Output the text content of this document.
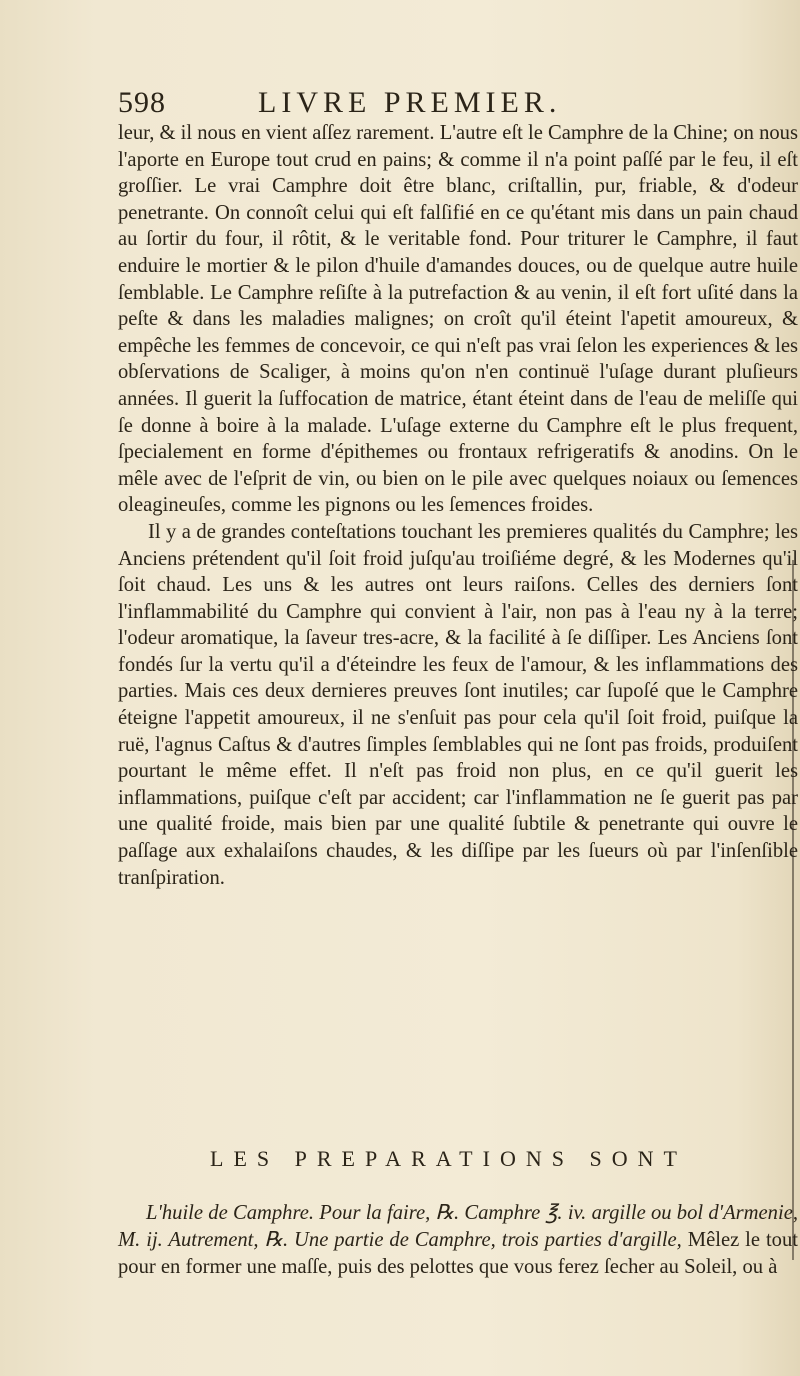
598	LIVRE PREMIER.

leur, & il nous en vient aſſez rarement. L'autre eſt le Camphre de la Chine; on nous l'aporte en Europe tout crud en pains; & comme il n'a point paſſé par le feu, il eſt groſſier. Le vrai Camphre doit être blanc, criſtallin, pur, friable, & d'odeur penetrante. On connoît celui qui eſt falſifié en ce qu'étant mis dans un pain chaud au ſortir du four, il rôtit, & le veritable fond. Pour triturer le Camphre, il faut enduire le mortier & le pilon d'huile d'amandes douces, ou de quelque autre huile ſemblable. Le Camphre reſiſte à la putrefaction & au venin, il eſt fort uſité dans la peſte & dans les maladies malignes; on croît qu'il éteint l'apetit amoureux, & empêche les femmes de concevoir, ce qui n'eſt pas vrai ſelon les experiences & les obſervations de Scaliger, à moins qu'on n'en continuë l'uſage durant pluſieurs années. Il guerit la ſuffocation de matrice, étant éteint dans de l'eau de meliſſe qui ſe donne à boire à la malade. L'uſage externe du Camphre eſt le plus frequent, ſpecialement en forme d'épithemes ou frontaux refrigeratifs & anodins. On le mêle avec de l'eſprit de vin, ou bien on le pile avec quelques noiaux ou ſemences oleagineuſes, comme les pignons ou les ſemences froides.

Il y a de grandes conteſtations touchant les premieres qualités du Camphre; les Anciens prétendent qu'il ſoit froid juſqu'au troiſiéme degré, & les Modernes qu'il ſoit chaud. Les uns & les autres ont leurs raiſons. Celles des derniers ſont l'inflammabilité du Camphre qui convient à l'air, non pas à l'eau ny à la terre; l'odeur aromatique, la ſaveur tres-acre, & la facilité à ſe diſſiper. Les Anciens ſont fondés ſur la vertu qu'il a d'éteindre les feux de l'amour, & les inflammations des parties. Mais ces deux dernieres preuves ſont inutiles; car ſupoſé que le Camphre éteigne l'appetit amoureux, il ne s'enſuit pas pour cela qu'il ſoit froid, puiſque la ruë, l'agnus Caſtus & d'autres ſimples ſemblables qui ne ſont pas froids, produiſent pourtant le même effet. Il n'eſt pas froid non plus, en ce qu'il guerit les inflammations, puiſque c'eſt par accident; car l'inflammation ne ſe guerit pas par une qualité froide, mais bien par une qualité ſubtile & penetrante qui ouvre le paſſage aux exhalaiſons chaudes, & les diſſipe par les ſueurs où par l'inſenſible tranſpiration.

LES PREPARATIONS SONT
L'huile de Camphre. Pour la faire, ℞. Camphre ℥. iv. argille ou bol d'Armenie, M. ij. Autrement, ℞. Une partie de Camphre, trois parties d'argille, Mêlez le tout pour en former une maſſe, puis des pelottes que vous ferez ſecher au Soleil, ou à
